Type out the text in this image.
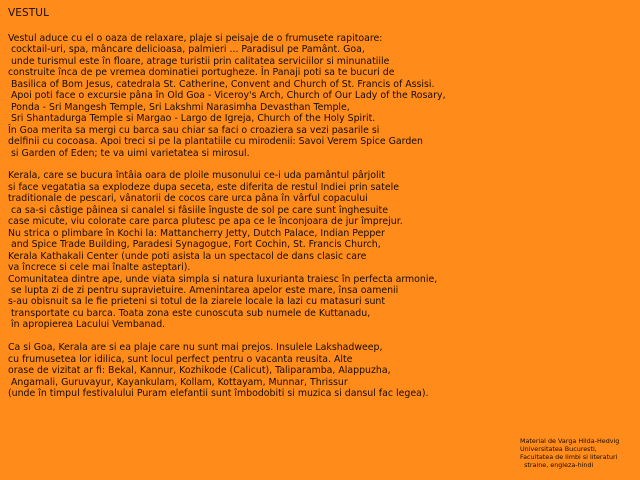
VESTUL
Vestul aduce cu el o oaza de relaxare, plaje si peisaje de o frumusete rapitoare:
cocktail-uri, spa, mâncare delicioasa, palmieri ... Paradisul pe Pamânt. Goa,
unde turismul este în floare, atrage turistii prin calitatea serviciilor si minunatiile
construite înca de pe vremea dominatiei portugheze. În Panaji poti sa te bucuri de
Basilica of Bom Jesus, catedrala St. Catherine, Convent and Church of St. Francis of Assisi.
Apoi poti face o excursie pâna în Old Goa - Viceroy's Arch, Church of Our Lady of the Rosary,
Ponda - Sri Mangesh Temple, Sri Lakshmi Narasimha Devasthan Temple,
Sri Shantadurga Temple si Margao - Largo de Igreja, Church of the Holy Spirit.
În Goa merita sa mergi cu barca sau chiar sa faci o croaziera sa vezi pasarile si
delfinii cu cocoasa. Apoi treci si pe la plantatiile cu mirodenii: Savoi Verem Spice Garden
si Garden of Eden; te va uimi varietatea si mirosul.
Kerala, care se bucura întâia oara de ploile musonului ce-i uda pamântul pârjolit
si face vegatatia sa explodeze dupa seceta, este diferita de restul Indiei prin satele
traditionale de pescari, vânatorii de cocos care urca pâna în vârful copacului
ca sa-si câstige pâinea si canalel si fâsiile înguste de sol pe care sunt înghesuite
case micute, viu colorate care parca plutesc pe apa ce le înconjoara de jur împrejur.
Nu strica o plimbare în Kochi la: Mattancherry Jetty, Dutch Palace, Indian Pepper
and Spice Trade Building, Paradesi Synagogue, Fort Cochin, St. Francis Church,
Kerala Kathakali Center (unde poti asista la un spectacol de dans clasic care
va încrece si cele mai înalte asteptari).
Comunitatea dintre ape, unde viata simpla si natura luxurianta traiesc în perfecta armonie,
se lupta zi de zi pentru supravietuire. Amenintarea apelor este mare, însa oamenii
s-au obisnuit sa le fie prieteni si totul de la ziarele locale la lazi cu matasuri sunt
transportate cu barca. Toata zona este cunoscuta sub numele de Kuttanadu,
în apropierea Lacului Vembanad.
Ca si Goa, Kerala are si ea plaje care nu sunt mai prejos. Insulele Lakshadweep,
cu frumusetea lor idilica, sunt locul perfect pentru o vacanta reusita. Alte
orase de vizitat ar fi: Bekal, Kannur, Kozhikode (Calicut), Taliparamba, Alappuzha,
Angamali, Guruvayur, Kayankulam, Kollam, Kottayam, Munnar, Thrissur
(unde în timpul festivalului Puram elefantii sunt îmbodobiti si muzica si dansul fac legea).
Material de Varga Hilda-Hedvig
Universitatea Bucuresti,
Facultatea de limbi si literaturi
straine, engleza-hindi
